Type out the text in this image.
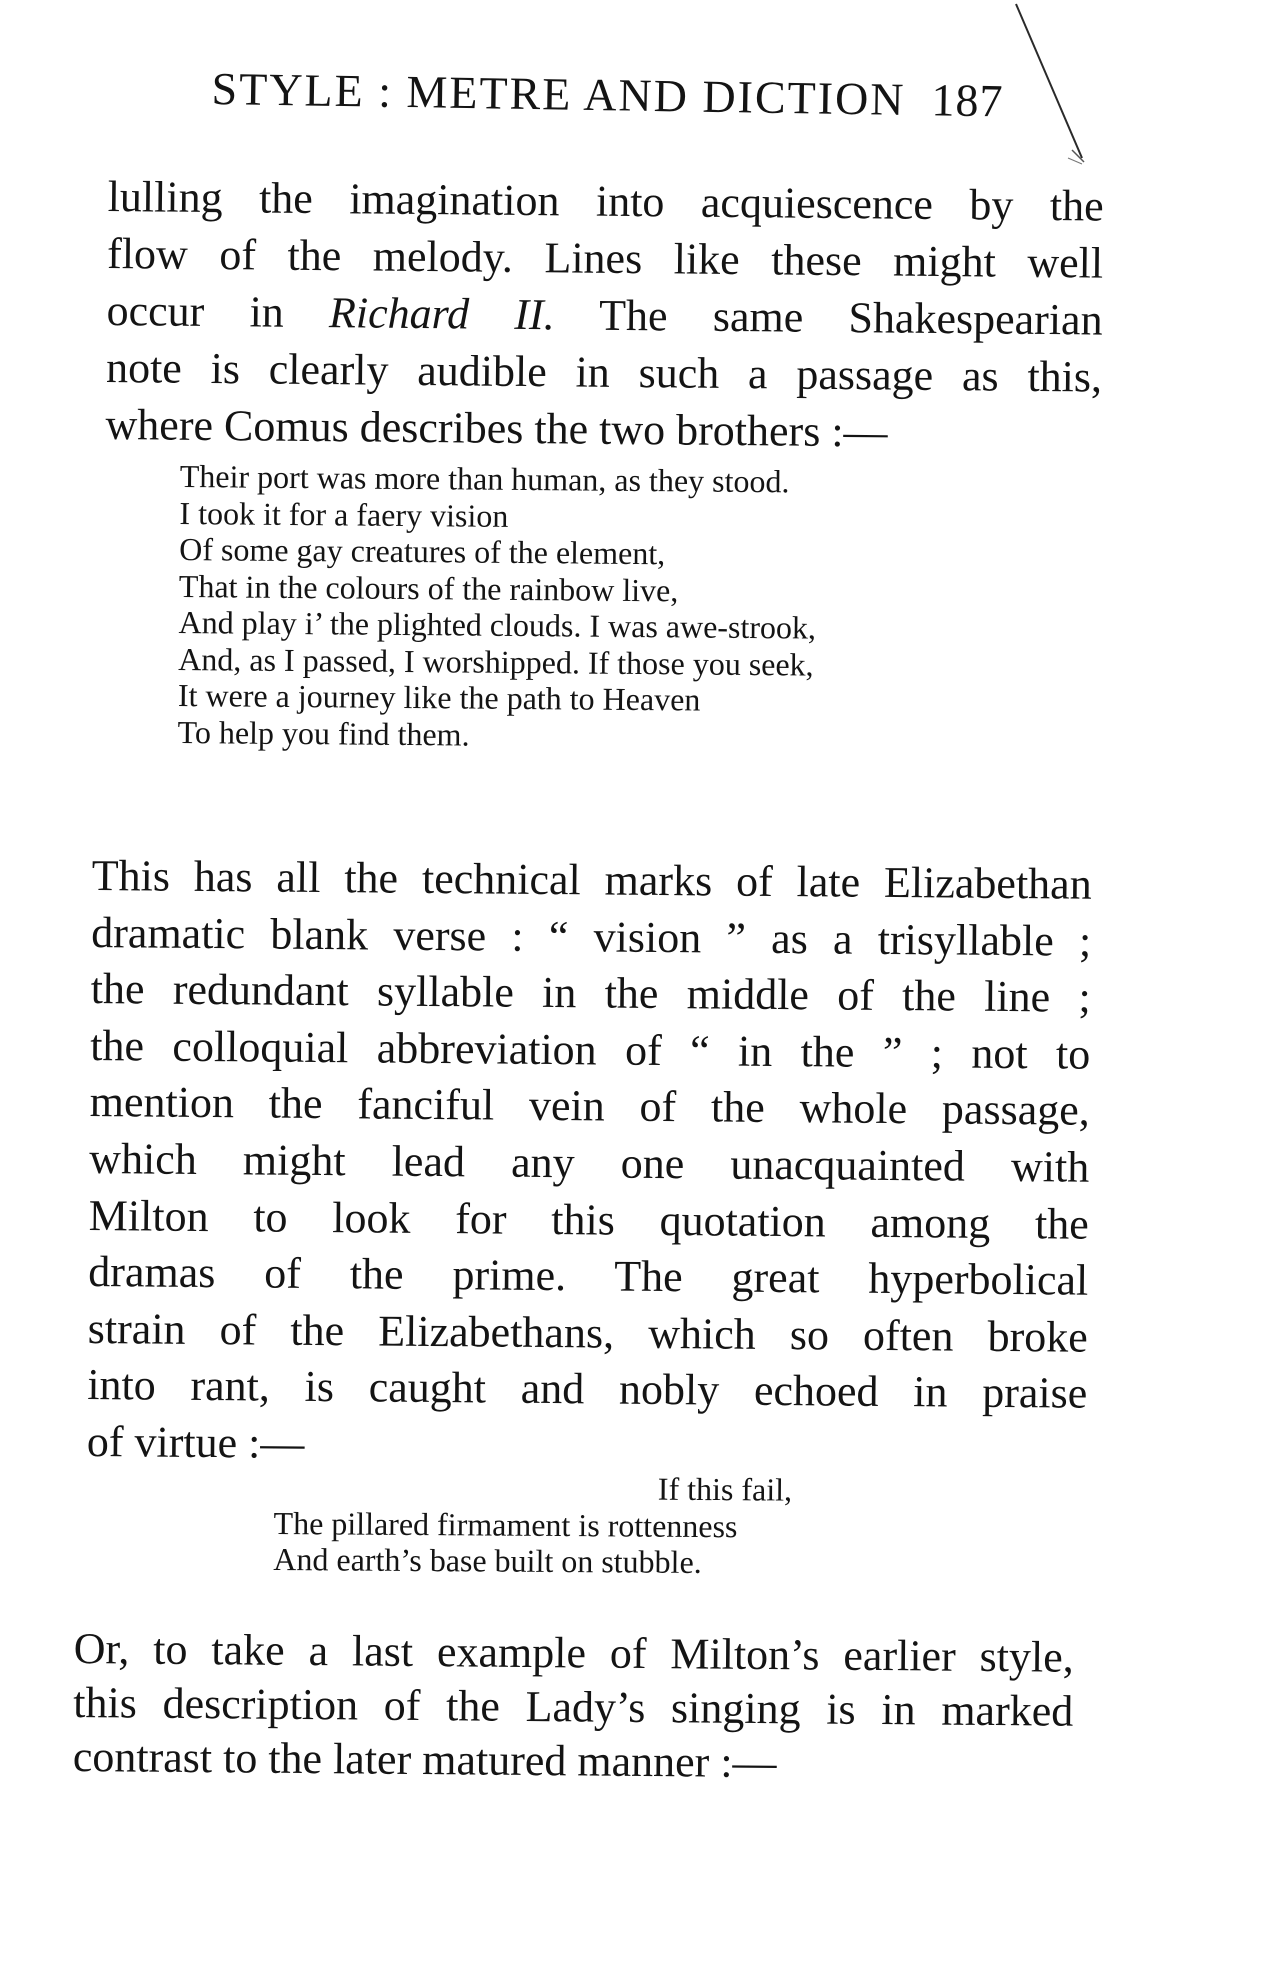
STYLE : METRE AND DICTION 187
lulling the imagination into acquiescence by the
flow of the melody. Lines like these might well
occur in Richard II. The same Shakespearian
note is clearly audible in such a passage as this,
where Comus describes the two brothers :—
Their port was more than human, as they stood.
I took it for a faery vision
Of some gay creatures of the element,
That in the colours of the rainbow live,
And play i’ the plighted clouds. I was awe-strook,
And, as I passed, I worshipped. If those you seek,
It were a journey like the path to Heaven
To help you find them.
This has all the technical marks of late Elizabethan
dramatic blank verse : “ vision ” as a trisyllable ;
the redundant syllable in the middle of the line ;
the colloquial abbreviation of “ in the ” ; not to
mention the fanciful vein of the whole passage,
which might lead any one unacquainted with
Milton to look for this quotation among the
dramas of the prime. The great hyperbolical
strain of the Elizabethans, which so often broke
into rant, is caught and nobly echoed in praise
of virtue :—
If this fail,
The pillared firmament is rottenness
And earth’s base built on stubble.
Or, to take a last example of Milton’s earlier style,
this description of the Lady’s singing is in marked
contrast to the later matured manner :—
